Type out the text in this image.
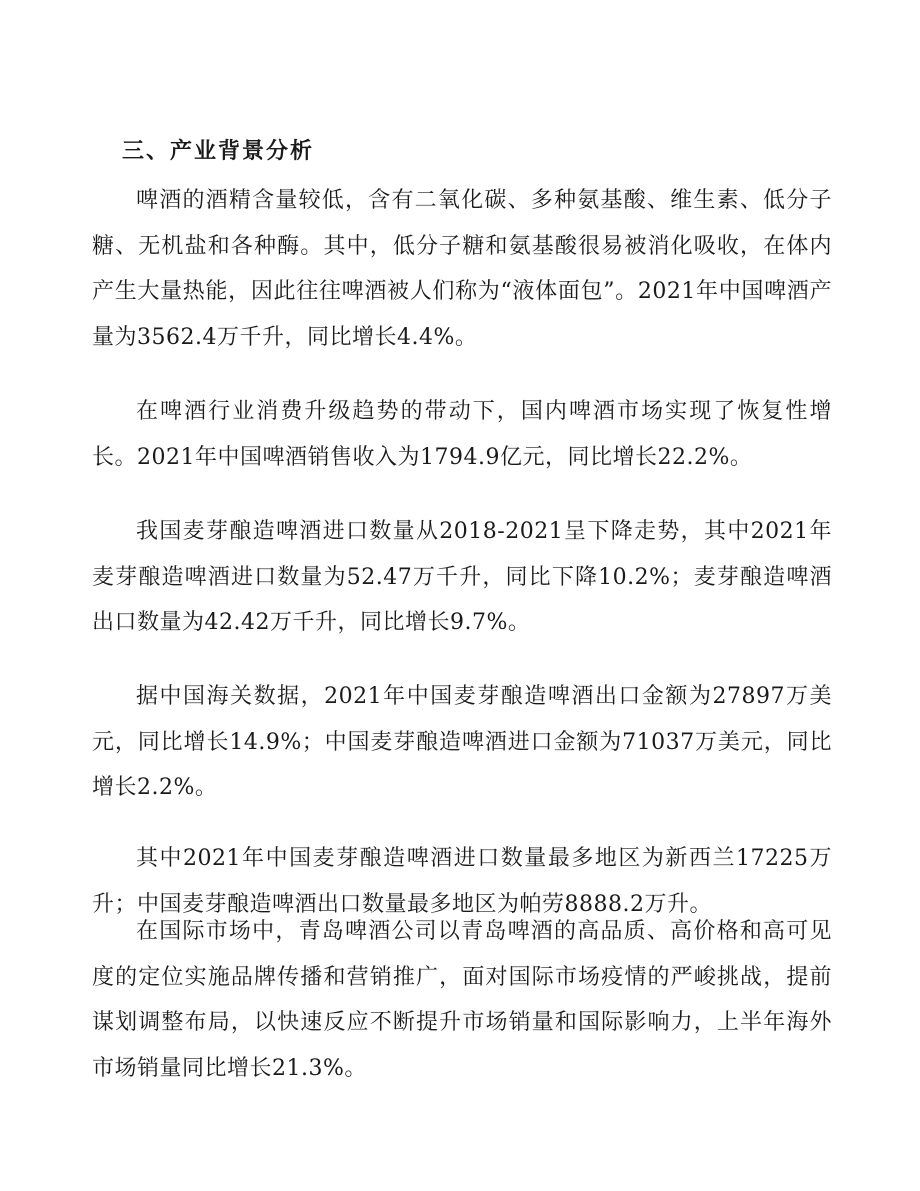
三、产业背景分析

啤酒的酒精含量较低，含有二氧化碳、多种氨基酸、维生素、低分子糖、无机盐和各种酶。其中，低分子糖和氨基酸很易被消化吸收，在体内产生大量热能，因此往往啤酒被人们称为“液体面包”。2021年中国啤酒产量为3562.4万千升，同比增长4.4%。

在啤酒行业消费升级趋势的带动下，国内啤酒市场实现了恢复性增长。2021年中国啤酒销售收入为1794.9亿元，同比增长22.2%。

我国麦芽酿造啤酒进口数量从2018-2021呈下降走势，其中2021年麦芽酿造啤酒进口数量为52.47万千升，同比下降10.2%；麦芽酿造啤酒出口数量为42.42万千升，同比增长9.7%。

据中国海关数据，2021年中国麦芽酿造啤酒出口金额为27897万美元，同比增长14.9%；中国麦芽酿造啤酒进口金额为71037万美元，同比增长2.2%。

其中2021年中国麦芽酿造啤酒进口数量最多地区为新西兰17225万升；中国麦芽酿造啤酒出口数量最多地区为帕劳8888.2万升。

在国际市场中，青岛啤酒公司以青岛啤酒的高品质、高价格和高可见度的定位实施品牌传播和营销推广，面对国际市场疫情的严峻挑战，提前谋划调整布局，以快速反应不断提升市场销量和国际影响力，上半年海外市场销量同比增长21.3%。
